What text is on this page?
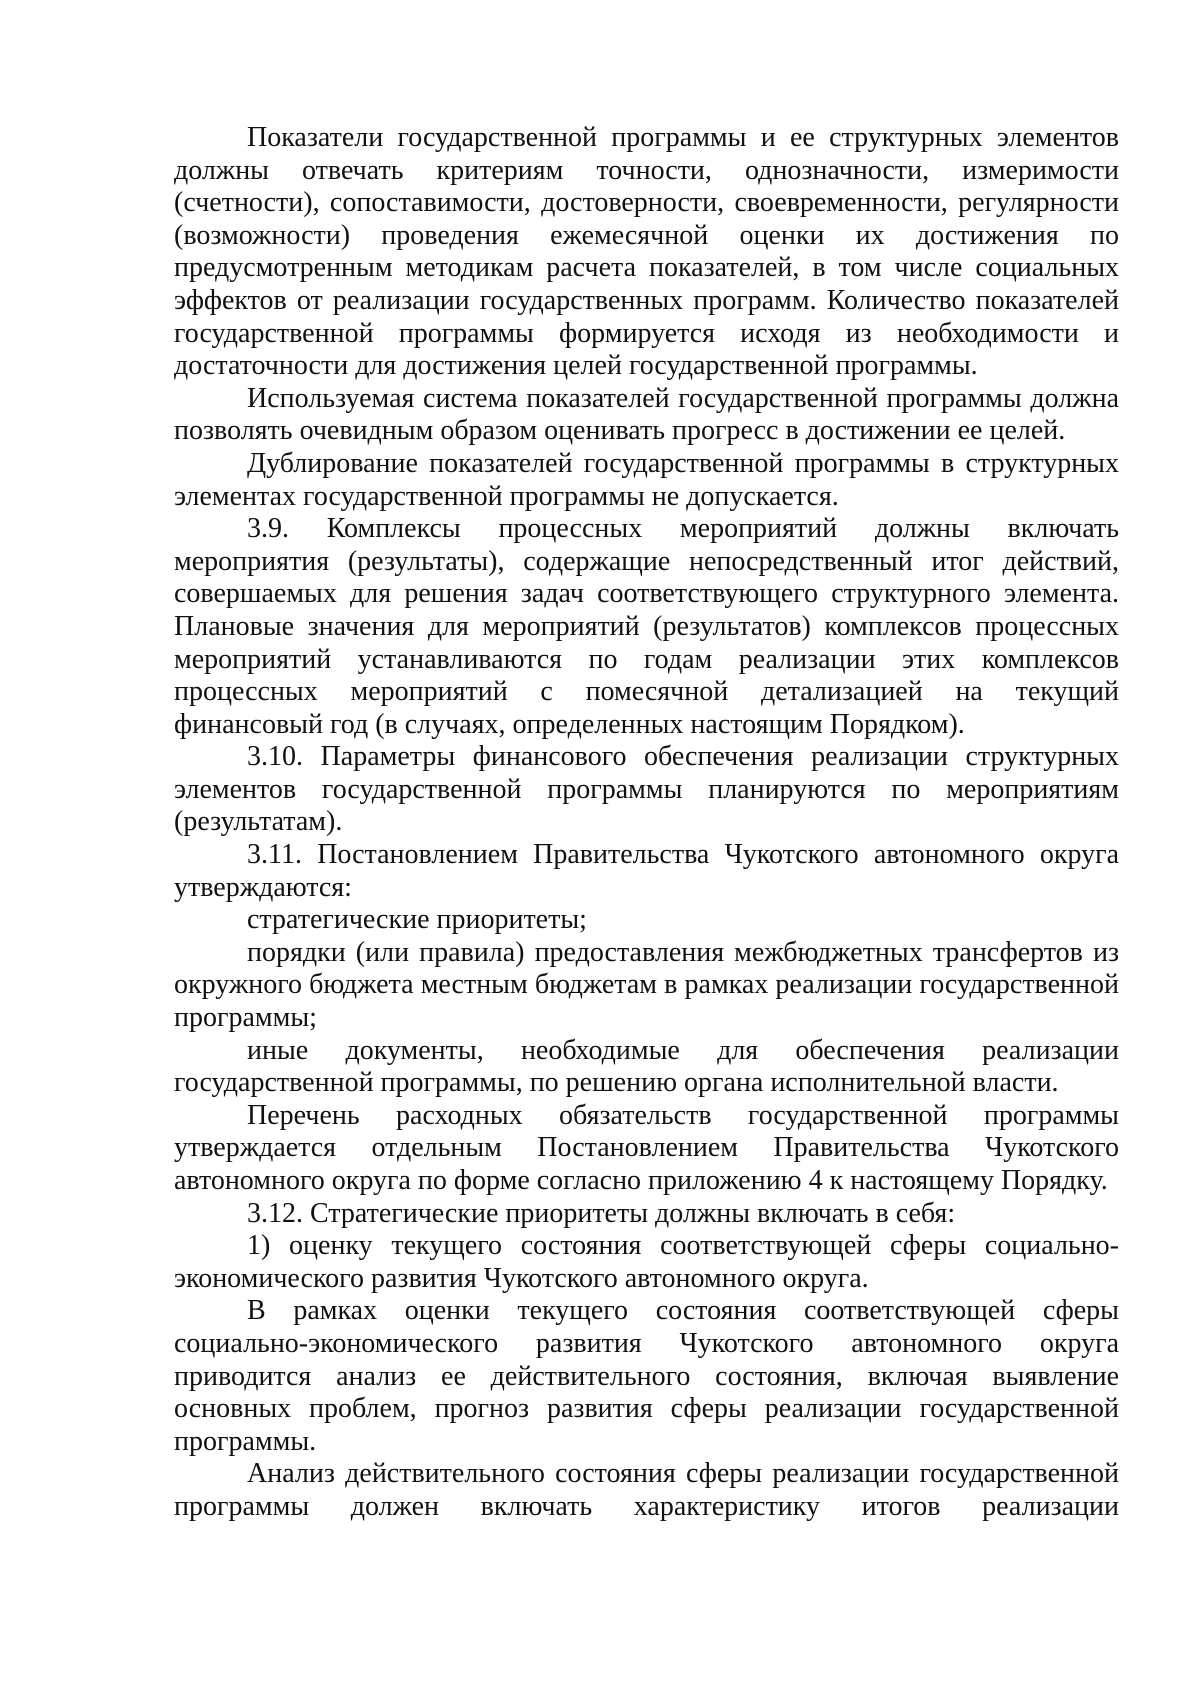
Показатели государственной программы и ее структурных элементов должны отвечать критериям точности, однозначности, измеримости (счетности), сопоставимости, достоверности, своевременности, регулярности (возможности) проведения ежемесячной оценки их достижения по предусмотренным методикам расчета показателей, в том числе социальных эффектов от реализации государственных программ. Количество показателей государственной программы формируется исходя из необходимости и достаточности для достижения целей государственной программы.

Используемая система показателей государственной программы должна позволять очевидным образом оценивать прогресс в достижении ее целей.

Дублирование показателей государственной программы в структурных элементах государственной программы не допускается.

3.9. Комплексы процессных мероприятий должны включать мероприятия (результаты), содержащие непосредственный итог действий, совершаемых для решения задач соответствующего структурного элемента. Плановые значения для мероприятий (результатов) комплексов процессных мероприятий устанавливаются по годам реализации этих комплексов процессных мероприятий с помесячной детализацией на текущий финансовый год (в случаях, определенных настоящим Порядком).

3.10. Параметры финансового обеспечения реализации структурных элементов государственной программы планируются по мероприятиям (результатам).

3.11. Постановлением Правительства Чукотского автономного округа утверждаются:

стратегические приоритеты;

порядки (или правила) предоставления межбюджетных трансфертов из окружного бюджета местным бюджетам в рамках реализации государственной программы;

иные документы, необходимые для обеспечения реализации государственной программы, по решению органа исполнительной власти.

Перечень расходных обязательств государственной программы утверждается отдельным Постановлением Правительства Чукотского автономного округа по форме согласно приложению 4 к настоящему Порядку.

3.12. Стратегические приоритеты должны включать в себя:

1) оценку текущего состояния соответствующей сферы социально-экономического развития Чукотского автономного округа.

В рамках оценки текущего состояния соответствующей сферы социально-экономического развития Чукотского автономного округа приводится анализ ее действительного состояния, включая выявление основных проблем, прогноз развития сферы реализации государственной программы.

Анализ действительного состояния сферы реализации государственной программы должен включать характеристику итогов реализации
